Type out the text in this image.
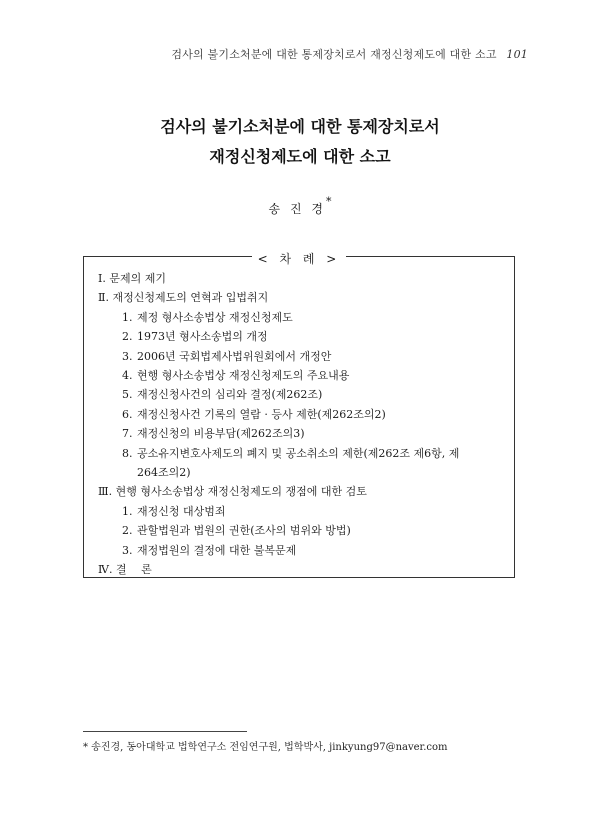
검사의 불기소처분에 대한 통제장치로서 재정신청제도에 대한 소고 101
검사의 불기소처분에 대한 통제장치로서
재정신청제도에 대한 소고
송 진 경*
< 차 례 >
Ⅰ. 문제의 제기
Ⅱ. 재정신청제도의 연혁과 입법취지
1. 제정 형사소송법상 재정신청제도
2. 1973년 형사소송법의 개정
3. 2006년 국회법제사법위원회에서 개정안
4. 현행 형사소송법상 재정신청제도의 주요내용
5. 재정신청사건의 심리와 결정(제262조)
6. 재정신청사건 기록의 열람 · 등사 제한(제262조의2)
7. 재정신청의 비용부담(제262조의3)
8. 공소유지변호사제도의 폐지 및 공소취소의 제한(제262조 제6항, 제
264조의2)
Ⅲ. 현행 형사소송법상 재정신청제도의 쟁점에 대한 검토
1. 재정신청 대상범죄
2. 관할법원과 법원의 권한(조사의 범위와 방법)
3. 재정법원의 결정에 대한 불복문제
Ⅳ. 결 　론
* 송진경, 동아대학교 법학연구소 전임연구원, 법학박사, jinkyung97@naver.com
